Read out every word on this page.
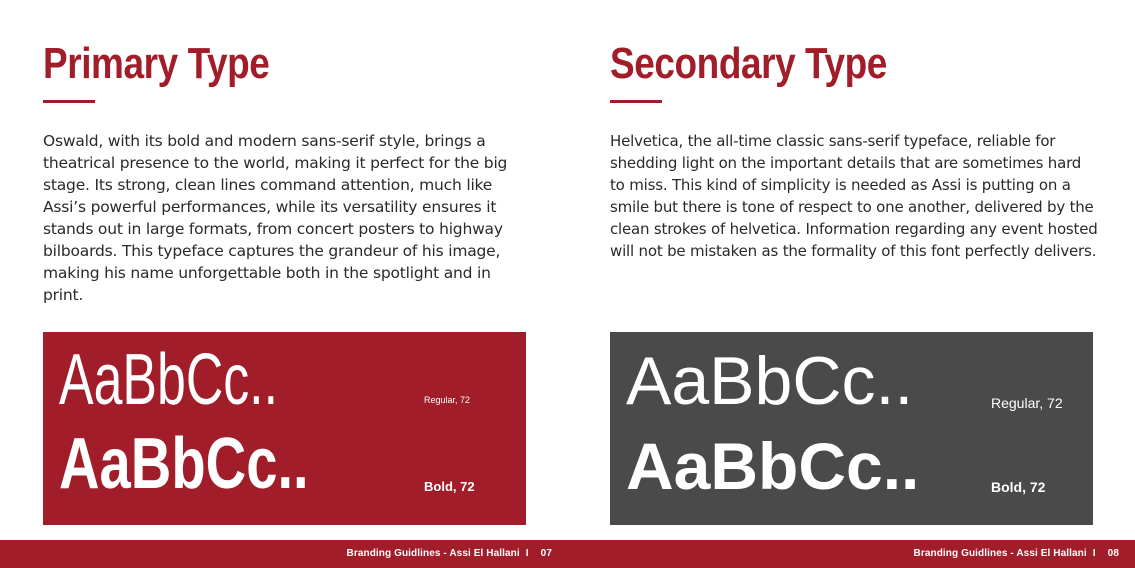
Primary Type

Oswald, with its bold and modern sans-serif style, brings a theatrical presence to the world, making it perfect for the big stage. Its strong, clean lines command attention, much like Assi’s powerful performances, while its versatility ensures it stands out in large formats, from concert posters to highway bilboards. This typeface captures the grandeur of his image, making his name unforgettable both in the spotlight and in print.

Secondary Type

Helvetica, the all-time classic sans-serif typeface, reliable for shedding light on the important details that are sometimes hard to miss. This kind of simplicity is needed as Assi is putting on a smile but there is tone of respect to one another, delivered by the clean strokes of helvetica. Information regarding any event hosted will not be mistaken as the formality of this font perfectly delivers.

AaBbCc..	Regular, 72
AaBbCc..	Bold, 72
AaBbCc..	Regular, 72
AaBbCc..	Bold, 72
Branding Guidlines - Assi El Hallani I 07	Branding Guidlines - Assi El Hallani I 08
